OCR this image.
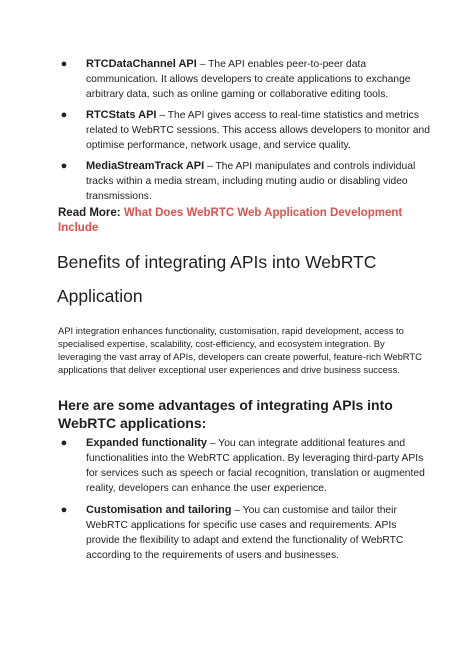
● RTCDataChannel API – The API enables peer-to-peer data communication. It allows developers to create applications to exchange arbitrary data, such as online gaming or collaborative editing tools.
● RTCStats API – The API gives access to real-time statistics and metrics related to WebRTC sessions. This access allows developers to monitor and optimise performance, network usage, and service quality.
● MediaStreamTrack API – The API manipulates and controls individual tracks within a media stream, including muting audio or disabling video transmissions.

Read More: What Does WebRTC Web Application Development Include

Benefits of integrating APIs into WebRTC
Application

API integration enhances functionality, customisation, rapid development, access to specialised expertise, scalability, cost-efficiency, and ecosystem integration. By leveraging the vast array of APIs, developers can create powerful, feature-rich WebRTC applications that deliver exceptional user experiences and drive business success.

Here are some advantages of integrating APIs into WebRTC applications:
● Expanded functionality – You can integrate additional features and functionalities into the WebRTC application. By leveraging third-party APIs for services such as speech or facial recognition, translation or augmented reality, developers can enhance the user experience.
● Customisation and tailoring – You can customise and tailor their WebRTC applications for specific use cases and requirements. APIs provide the flexibility to adapt and extend the functionality of WebRTC according to the requirements of users and businesses.
